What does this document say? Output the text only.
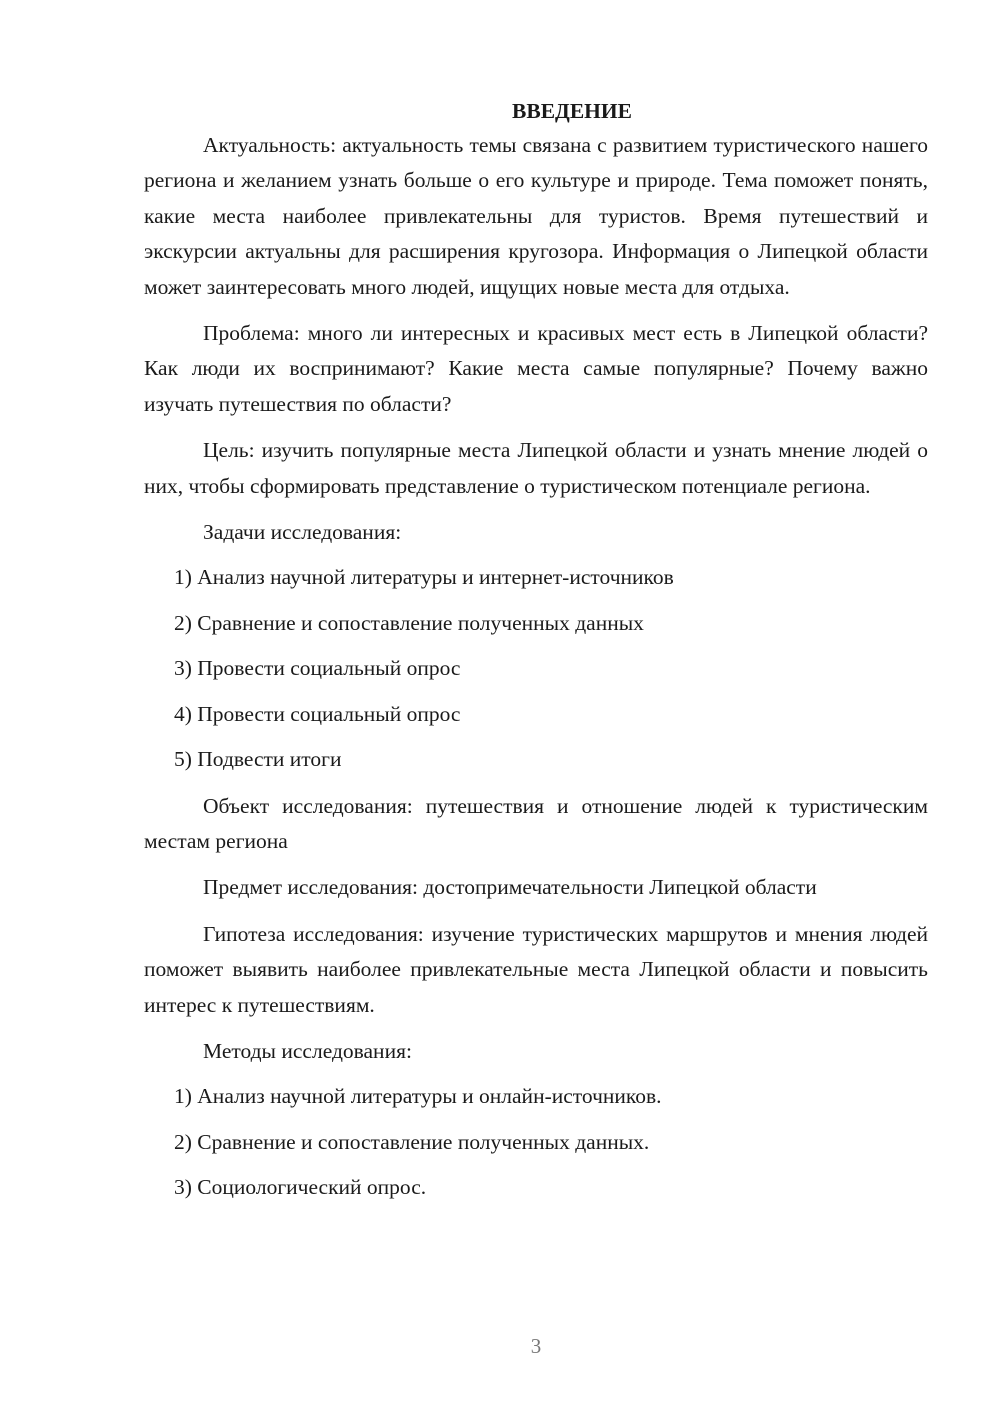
ВВЕДЕНИЕ

Актуальность: актуальность темы связана с развитием туристического нашего региона и желанием узнать больше о его культуре и природе. Тема поможет понять, какие места наиболее привлекательны для туристов. Время путешествий и экскурсии актуальны для расширения кругозора. Информация о Липецкой области может заинтересовать много людей, ищущих новые места для отдыха.

Проблема: много ли интересных и красивых мест есть в Липецкой области? Как люди их воспринимают? Какие места самые популярные? Почему важно изучать путешествия по области?

Цель: изучить популярные места Липецкой области и узнать мнение людей о них, чтобы сформировать представление о туристическом потенциале региона.

Задачи исследования:

1) Анализ научной литературы и интернет-источников

2) Сравнение и сопоставление полученных данных

3) Провести социальный опрос

4) Провести социальный опрос

5) Подвести итоги

Объект исследования: путешествия и отношение людей к туристическим местам региона

Предмет исследования: достопримечательности Липецкой области

Гипотеза исследования: изучение туристических маршрутов и мнения людей поможет выявить наиболее привлекательные места Липецкой области и повысить интерес к путешествиям.

Методы исследования:

1) Анализ научной литературы и онлайн-источников.

2) Сравнение и сопоставление полученных данных.

3) Социологический опрос.

3
